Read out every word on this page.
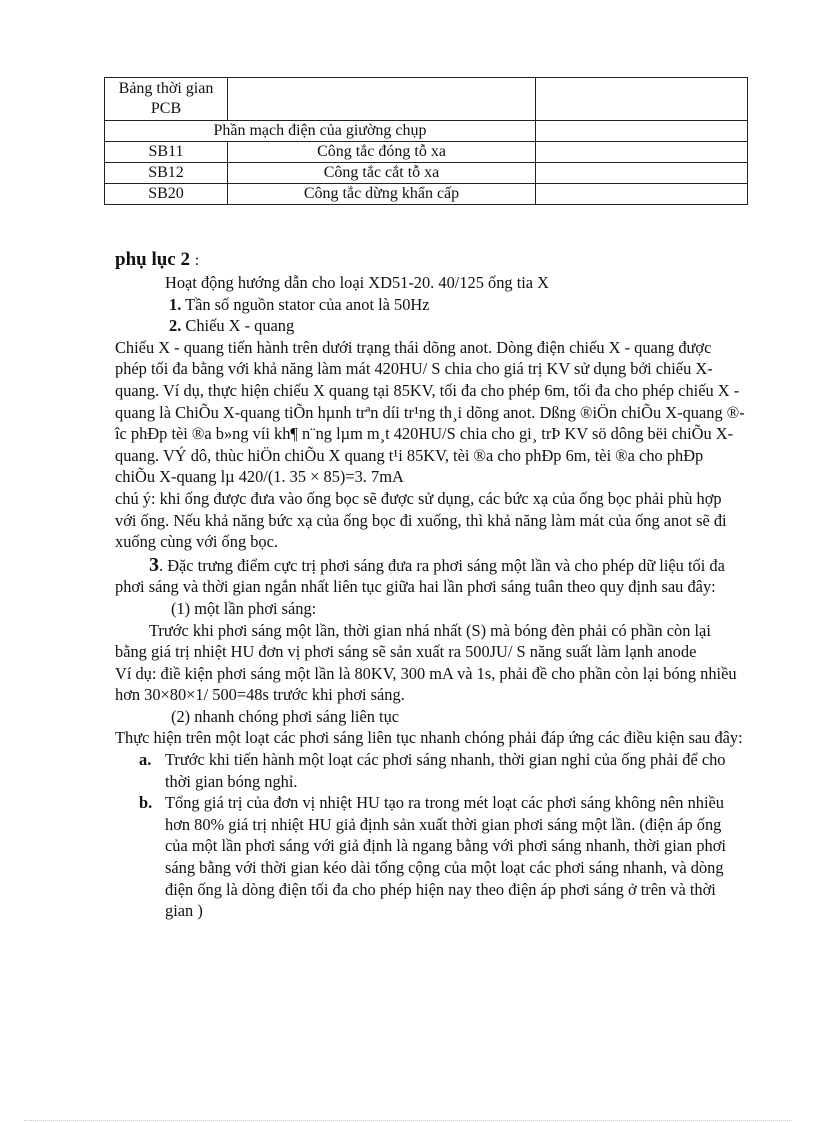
Bảng thời gian PCB		
Phần mạch điện của giường chụp		
SB11	Công tắc đóng tỗ xa	
SB12	Công tắc cắt tỗ xa	
SB20	Công tắc dừng khẩn cấp	

phụ lục 2 :

Hoạt động hướng dẫn cho loại XD51-20. 40/125 ống tia X

1. Tần số nguồn stator của anot là 50Hz

2. Chiếu X - quang

Chiếu X - quang tiến hành trên dưới trạng thái dõng anot. Dòng điện chiếu X - quang được phép tối đa bằng với khả năng làm mát 420HU/ S chia cho giá trị KV sử dụng bởi chiếu X-quang. Ví dụ, thực hiện chiếu X quang tại 85KV, tối đa cho phép 6m, tối đa cho phép chiếu X - quang là ChiÕu X-quang tiÕn hµnh trªn díi tr¹ng th¸i dõng anot. Dßng ®iÖn chiÕu X-quang ®îc phÐp tèi ®a b»ng víi kh¶ n¨ng lµm m¸t 420HU/S chia cho gi¸ trÞ KV sö dông bëi chiÕu X-quang. VÝ dô, thùc hiÖn chiÕu X quang t¹i 85KV, tèi ®a cho phÐp 6m, tèi ®a cho phÐp chiÕu X-quang lµ 420/(1. 35 × 85)=3. 7mA

chú ý: khi ống được đưa vào ống bọc sẽ được sử dụng, các bức xạ của ống bọc phải phù hợp với ống. Nếu khả năng bức xạ của ống bọc đi xuống, thì khả năng làm mát của ống anot sẽ đi xuống cùng với ống bọc.

3. Đặc trưng điểm cực trị phơi sáng đưa ra phơi sáng một lần và cho phép dữ liệu tối đa phơi sáng và thời gian ngắn nhất liên tục giữa hai lần phơi sáng tuân theo quy định sau đây:

(1) một lần phơi sáng:

Trước khi phơi sáng một lần, thời gian nhá nhất (S) mà bóng đèn phải có phần còn lại bằng giá trị nhiệt HU đơn vị phơi sáng sẽ sản xuất ra 500JU/ S năng suất làm lạnh anode

Ví dụ: điề kiện phơi sáng một lần là 80KV, 300 mA và 1s, phải đề cho phần còn lại bóng nhiều hơn 30×80×1/ 500=48s trước khi phơi sáng.

(2) nhanh chóng phơi sáng liên tục

Thực hiện trên một loạt các phơi sáng liên tục nhanh chóng phải đáp ứng các điều kiện sau đây:

a. Trước khi tiến hành một loạt các phơi sáng nhanh, thời gian nghỉ của ống phải để cho thời gian bóng nghỉ.
b. Tổng giá trị của đơn vị nhiệt HU tạo ra trong mét loạt các phơi sáng không nên nhiều hơn 80% giá trị nhiệt HU giả định sản xuất thời gian phơi sáng một lần. (điện áp ống của một lần phơi sáng với giả định là ngang bằng với phơi sáng nhanh, thời gian phơi sáng bằng với thời gian kéo dài tổng cộng của một loạt các phơi sáng nhanh, và dòng điện ống là dòng điện tối đa cho phép hiện nay theo điện áp phơi sáng ở trên và thời gian )
